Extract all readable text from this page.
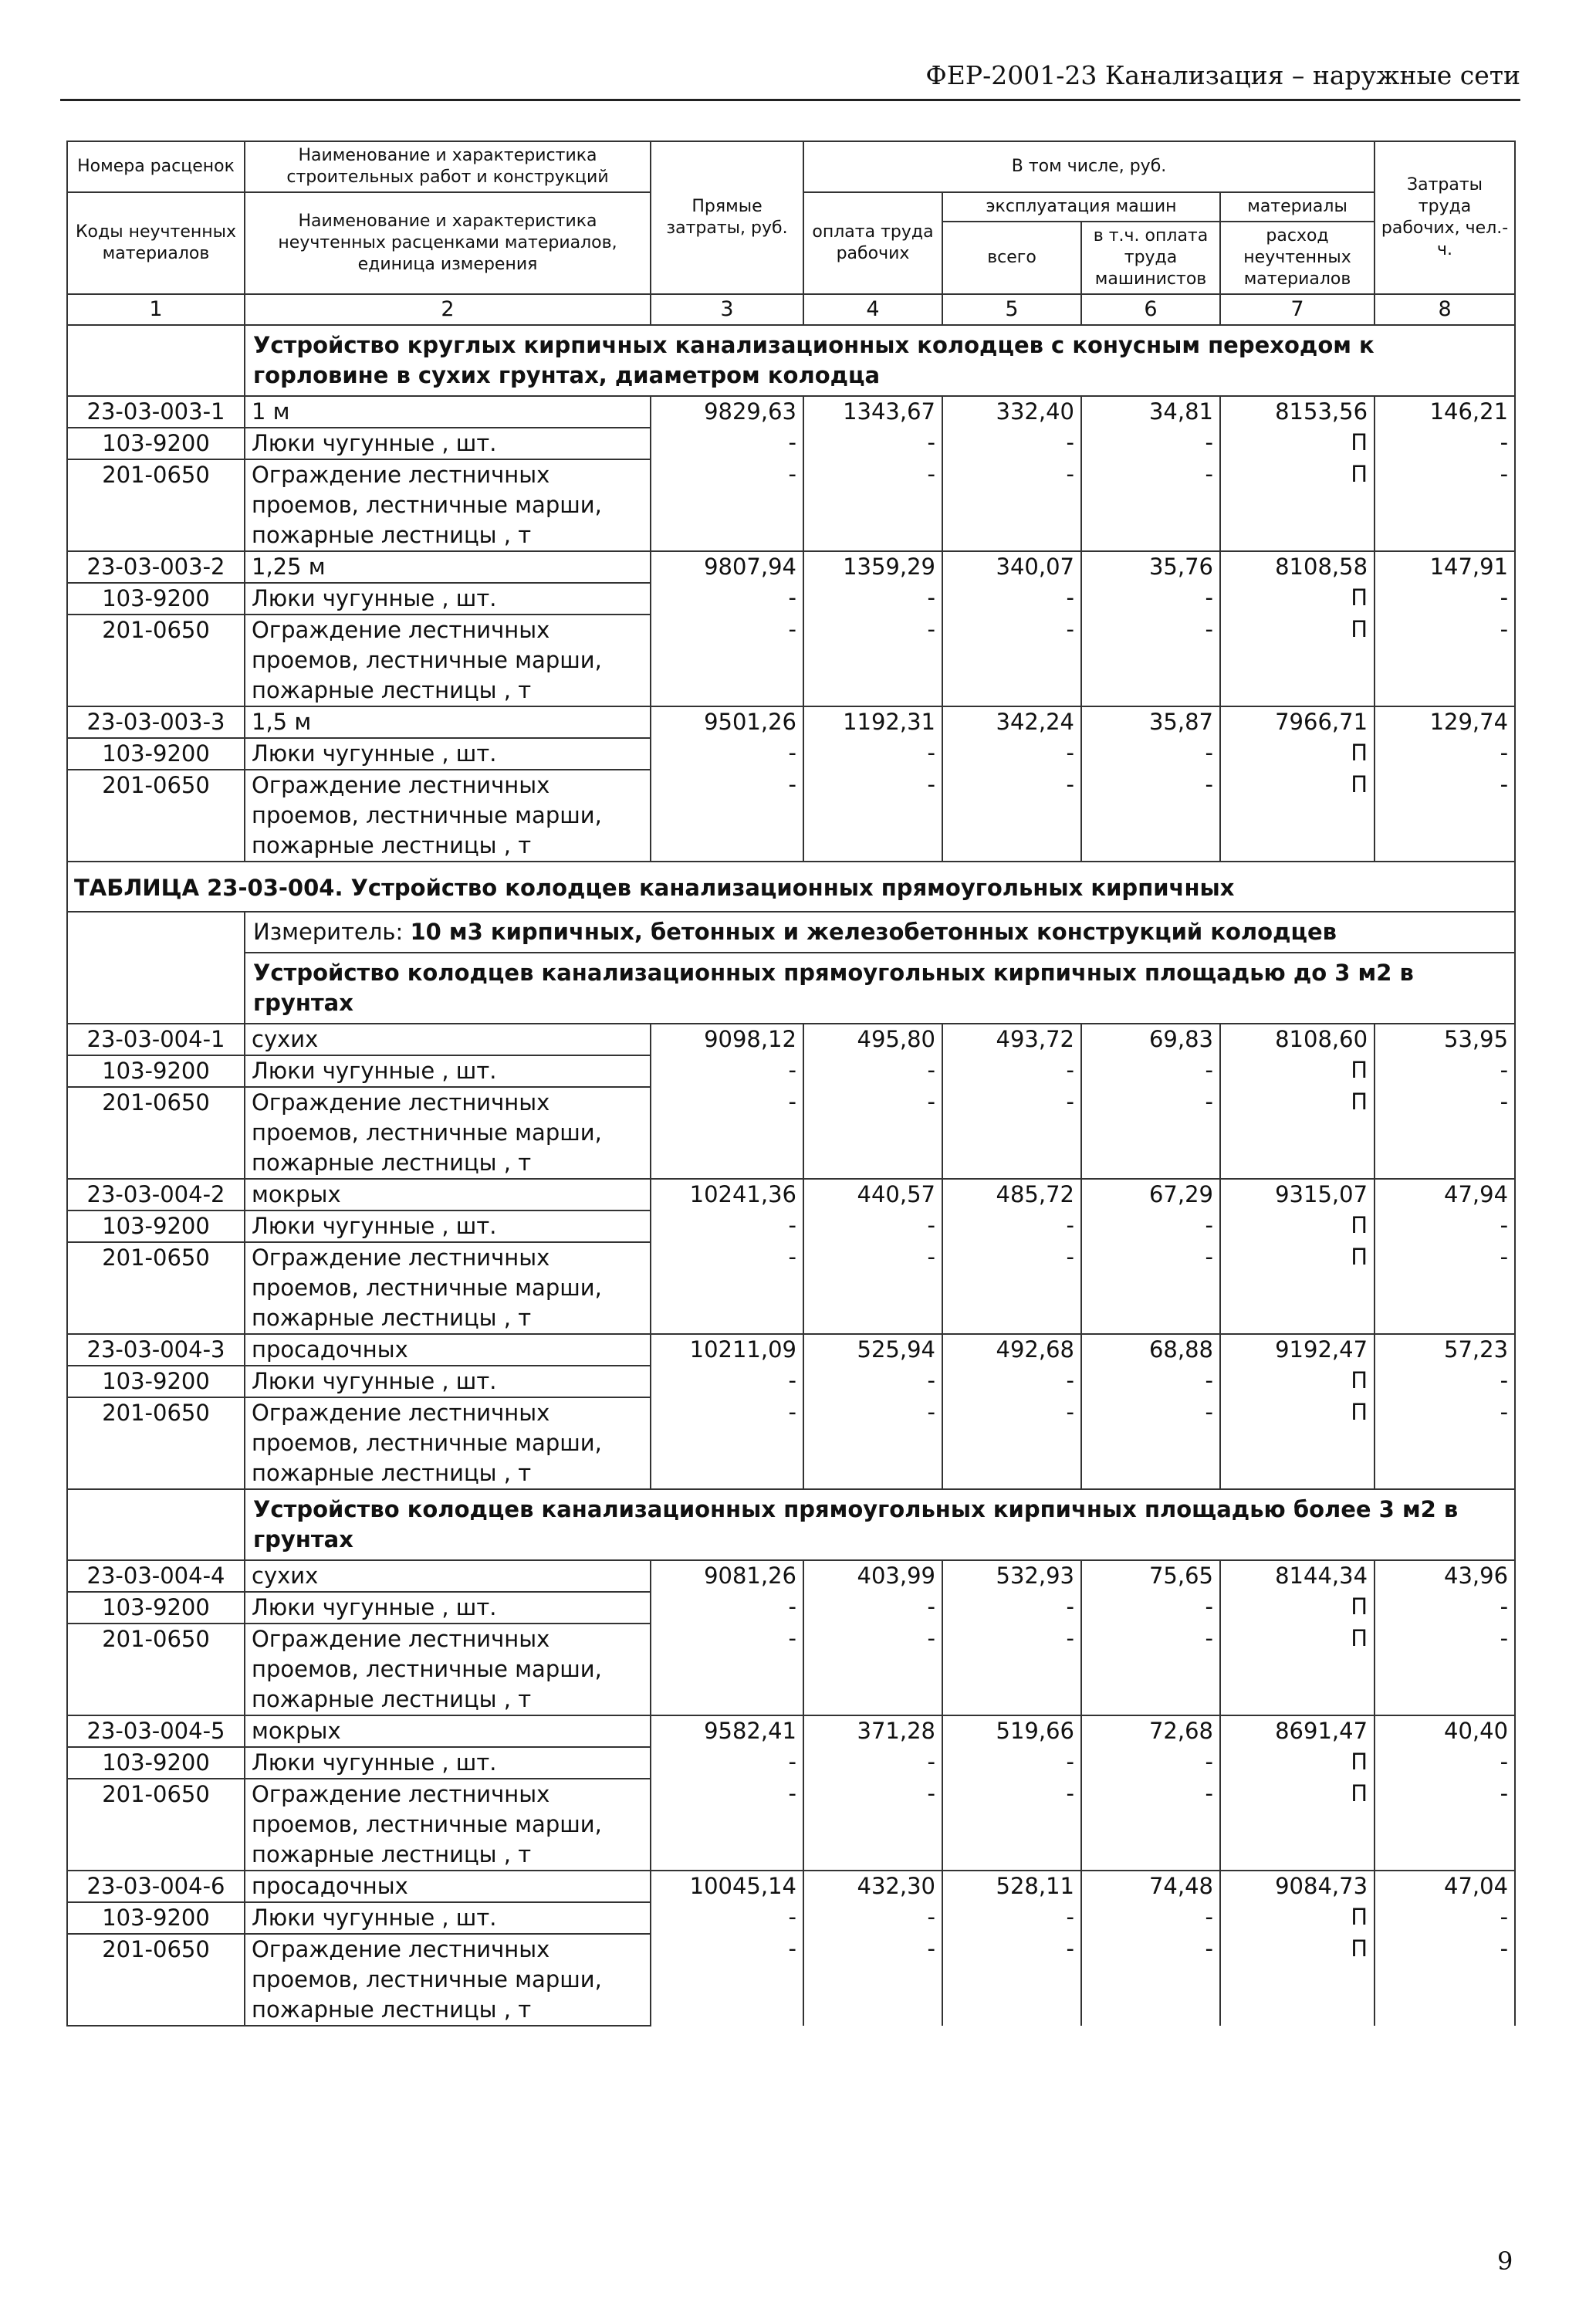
ФЕР-2001-23 Канализация – наружные сети
Номера расценок	Наименование и характеристика строительных работ и конструкций	Прямые затраты, руб.	В том числе, руб.				Затраты труда рабочих, чел.-ч.
Коды неучтенных материалов	Наименование и характеристика неучтенных расценками материалов, единица измерения		оплата труда рабочих	эксплуатация машин		материалы	
				всего	в т.ч. оплата труда машинистов	расход неучтенных материалов	
1	2	3	4	5	6	7	8
	Устройство круглых кирпичных канализационных колодцев с конусным переходом к горловине в сухих грунтах, диаметром колодца						
23-03-003-1	1 м	9829,63	1343,67	332,40	34,81	8153,56	146,21
103-9200	Люки чугунные , шт.	-	-	-	-	П	-
201-0650	Ограждение лестничных проемов, лестничные марши, пожарные лестницы , т	-	-	-	-	П	-
23-03-003-2	1,25 м	9807,94	1359,29	340,07	35,76	8108,58	147,91
103-9200	Люки чугунные , шт.	-	-	-	-	П	-
201-0650	Ограждение лестничных проемов, лестничные марши, пожарные лестницы , т	-	-	-	-	П	-
23-03-003-3	1,5 м	9501,26	1192,31	342,24	35,87	7966,71	129,74
103-9200	Люки чугунные , шт.	-	-	-	-	П	-
201-0650	Ограждение лестничных проемов, лестничные марши, пожарные лестницы , т	-	-	-	-	П	-
ТАБЛИЦА 23-03-004. Устройство колодцев канализационных прямоугольных кирпичных							
	Измеритель: 10 м3 кирпичных, бетонных и железобетонных конструкций колодцев						
	Устройство колодцев канализационных прямоугольных кирпичных площадью до 3 м2 в грунтах						
23-03-004-1	сухих	9098,12	495,80	493,72	69,83	8108,60	53,95
103-9200	Люки чугунные , шт.	-	-	-	-	П	-
201-0650	Ограждение лестничных проемов, лестничные марши, пожарные лестницы , т	-	-	-	-	П	-
23-03-004-2	мокрых	10241,36	440,57	485,72	67,29	9315,07	47,94
103-9200	Люки чугунные , шт.	-	-	-	-	П	-
201-0650	Ограждение лестничных проемов, лестничные марши, пожарные лестницы , т	-	-	-	-	П	-
23-03-004-3	просадочных	10211,09	525,94	492,68	68,88	9192,47	57,23
103-9200	Люки чугунные , шт.	-	-	-	-	П	-
201-0650	Ограждение лестничных проемов, лестничные марши, пожарные лестницы , т	-	-	-	-	П	-
	Устройство колодцев канализационных прямоугольных кирпичных площадью более 3 м2 в грунтах						
23-03-004-4	сухих	9081,26	403,99	532,93	75,65	8144,34	43,96
103-9200	Люки чугунные , шт.	-	-	-	-	П	-
201-0650	Ограждение лестничных проемов, лестничные марши, пожарные лестницы , т	-	-	-	-	П	-
23-03-004-5	мокрых	9582,41	371,28	519,66	72,68	8691,47	40,40
103-9200	Люки чугунные , шт.	-	-	-	-	П	-
201-0650	Ограждение лестничных проемов, лестничные марши, пожарные лестницы , т	-	-	-	-	П	-
23-03-004-6	просадочных	10045,14	432,30	528,11	74,48	9084,73	47,04
103-9200	Люки чугунные , шт.	-	-	-	-	П	-
201-0650	Ограждение лестничных проемов, лестничные марши, пожарные лестницы , т	-	-	-	-	П	-
9
